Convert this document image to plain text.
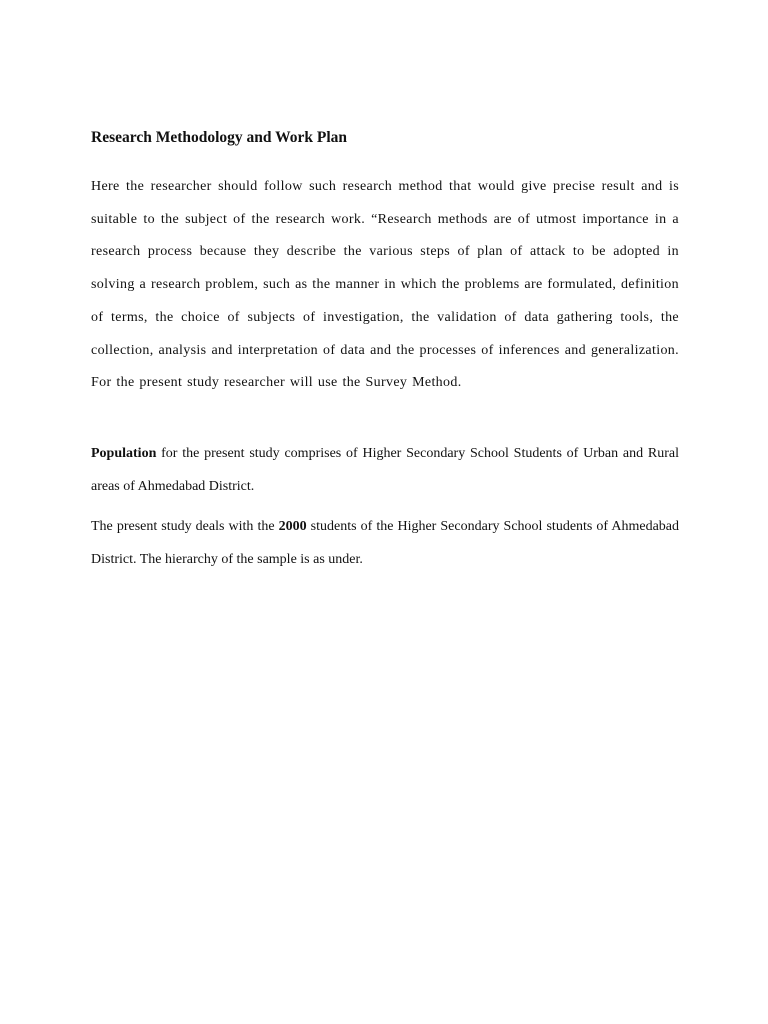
Research Methodology and Work Plan

Here the researcher should follow such research method that would give precise result and is suitable to the subject of the research work. “Research methods are of utmost importance in a research process because they describe the various steps of plan of attack to be adopted in solving a research problem, such as the manner in which the problems are formulated, definition of terms, the choice of subjects of investigation, the validation of data gathering tools, the collection, analysis and interpretation of data and the processes of inferences and generalization. For the present study researcher will use the Survey Method.

Population for the present study comprises of Higher Secondary School Students of Urban and Rural areas of Ahmedabad District.

The present study deals with the 2000 students of the Higher Secondary School students of Ahmedabad District. The hierarchy of the sample is as under.
